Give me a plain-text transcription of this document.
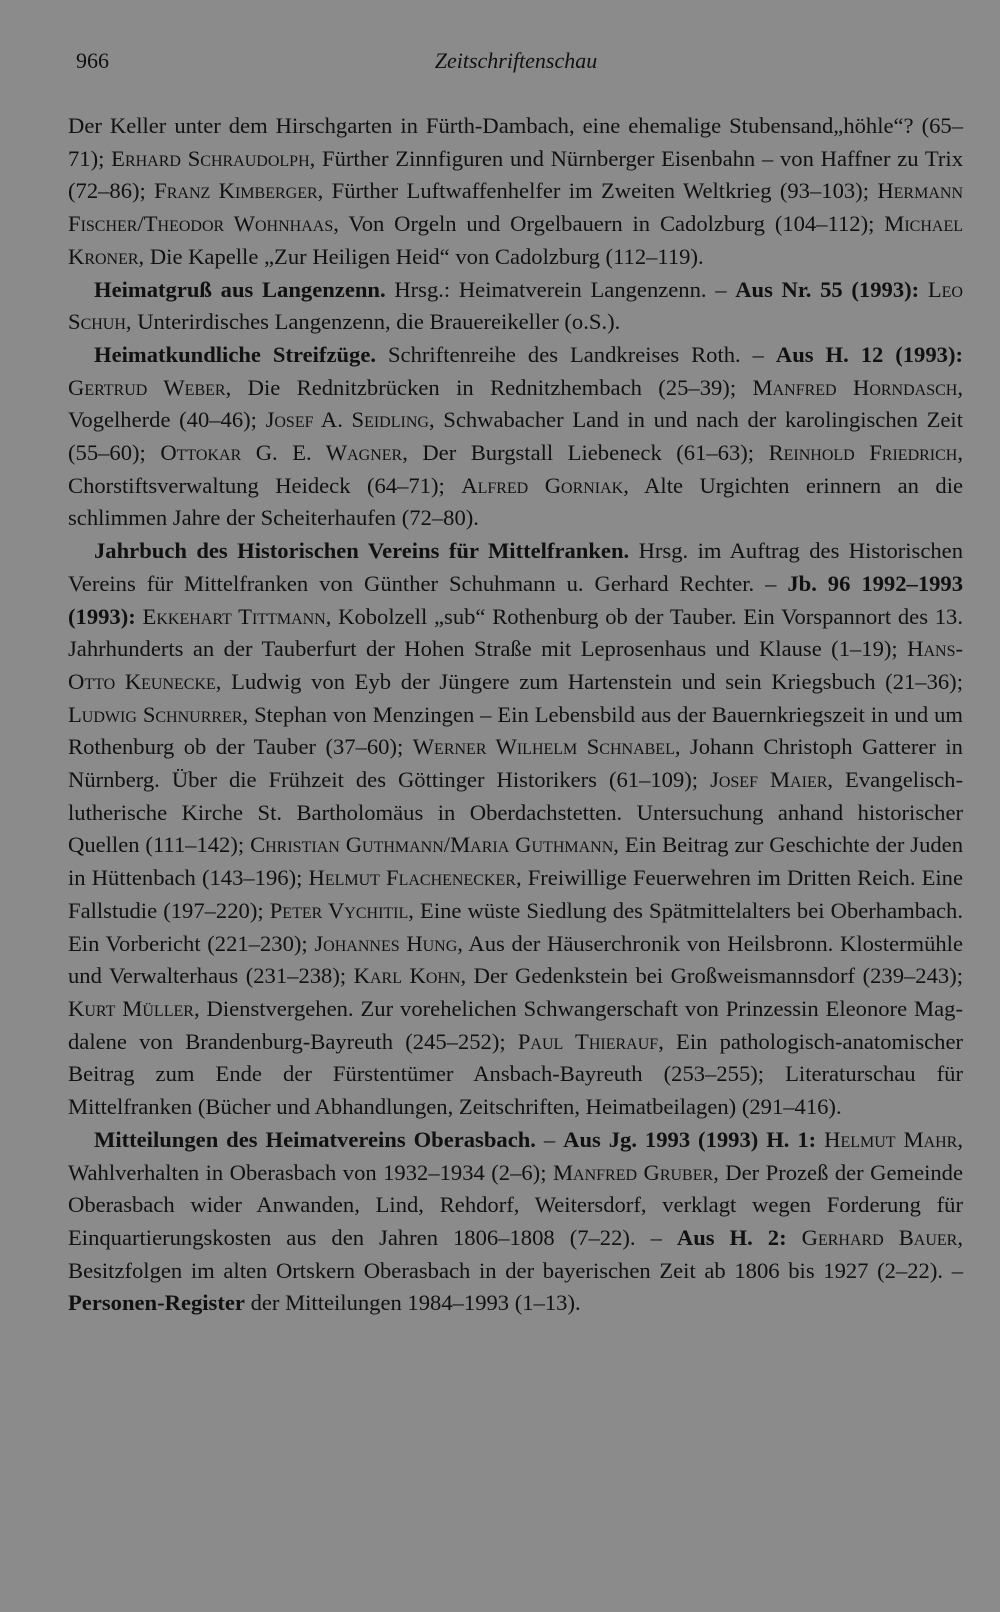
966	Zeitschriftenschau

Der Keller unter dem Hirschgarten in Fürth-Dambach, eine ehemalige Stubensand„höhle“? (65–71); Erhard Schraudolph, Fürther Zinnfiguren und Nürnberger Eisenbahn – von Haffner zu Trix (72–86); Franz Kimberger, Fürther Luftwaffenhelfer im Zweiten Weltkrieg (93–103); Hermann Fischer/Theodor Wohnhaas, Von Orgeln und Orgelbauern in Cadolzburg (104–112); Michael Kroner, Die Kapelle „Zur Heiligen Heid“ von Cadolzburg (112–119).

Heimatgruß aus Langenzenn. Hrsg.: Heimatverein Langenzenn. – Aus Nr. 55 (1993): Leo Schuh, Unterirdisches Langenzenn, die Brauereikeller (o.S.).

Heimatkundliche Streifzüge. Schriftenreihe des Landkreises Roth. – Aus H. 12 (1993): Gertrud Weber, Die Rednitzbrücken in Rednitzhembach (25–39); Manfred Horndasch, Vogelherde (40–46); Josef A. Seidling, Schwabacher Land in und nach der karolingischen Zeit (55–60); Ottokar G. E. Wagner, Der Burgstall Liebeneck (61–63); Reinhold Friedrich, Chorstiftsverwaltung Heideck (64–71); Alfred Gorniak, Alte Urgichten erinnern an die schlimmen Jahre der Scheiterhaufen (72–80).

Jahrbuch des Historischen Vereins für Mittelfranken. Hrsg. im Auftrag des Historischen Vereins für Mittelfranken von Günther Schuhmann u. Gerhard Rechter. – Jb. 96 1992–1993 (1993): Ekkehart Tittmann, Kobolzell „sub“ Rothenburg ob der Tauber. Ein Vorspannort des 13. Jahrhunderts an der Tauberfurt der Hohen Straße mit Leprosenhaus und Klause (1–19); Hans-Otto Keunecke, Ludwig von Eyb der Jüngere zum Hartenstein und sein Kriegsbuch (21–36); Ludwig Schnurrer, Stephan von Menzingen – Ein Lebensbild aus der Bauernkriegszeit in und um Rothenburg ob der Tauber (37–60); Werner Wilhelm Schnabel, Johann Christoph Gatterer in Nürnberg. Über die Frühzeit des Göttinger Historikers (61–109); Josef Maier, Evangelisch-lutherische Kirche St. Bartholomäus in Oberdachstetten. Untersuchung anhand historischer Quellen (111–142); Christian Guthmann/Maria Guthmann, Ein Beitrag zur Geschichte der Juden in Hüttenbach (143–196); Helmut Flachenecker, Freiwillige Feuerwehren im Dritten Reich. Eine Fallstudie (197–220); Peter Vychitil, Eine wüste Siedlung des Spätmittelalters bei Oberhambach. Ein Vorbericht (221–230); Johannes Hung, Aus der Häuserchronik von Heilsbronn. Klostermühle und Verwalterhaus (231–238); Karl Kohn, Der Gedenkstein bei Großweismannsdorf (239–243); Kurt Müller, Dienstvergehen. Zur vorehelichen Schwangerschaft von Prinzessin Eleonore Magdalene von Brandenburg-Bayreuth (245–252); Paul Thierauf, Ein pathologisch-anatomischer Beitrag zum Ende der Fürstentümer Ansbach-Bayreuth (253–255); Literaturschau für Mittelfranken (Bücher und Abhandlungen, Zeitschriften, Heimatbeilagen) (291–416).

Mitteilungen des Heimatvereins Oberasbach. – Aus Jg. 1993 (1993) H. 1: Helmut Mahr, Wahlverhalten in Oberasbach von 1932–1934 (2–6); Manfred Gruber, Der Prozeß der Gemeinde Oberasbach wider Anwanden, Lind, Rehdorf, Weitersdorf, verklagt wegen Forderung für Einquartierungskosten aus den Jahren 1806–1808 (7–22). – Aus H. 2: Gerhard Bauer, Besitzfolgen im alten Ortskern Oberasbach in der bayerischen Zeit ab 1806 bis 1927 (2–22). – Personen-Register der Mitteilungen 1984–1993 (1–13).
